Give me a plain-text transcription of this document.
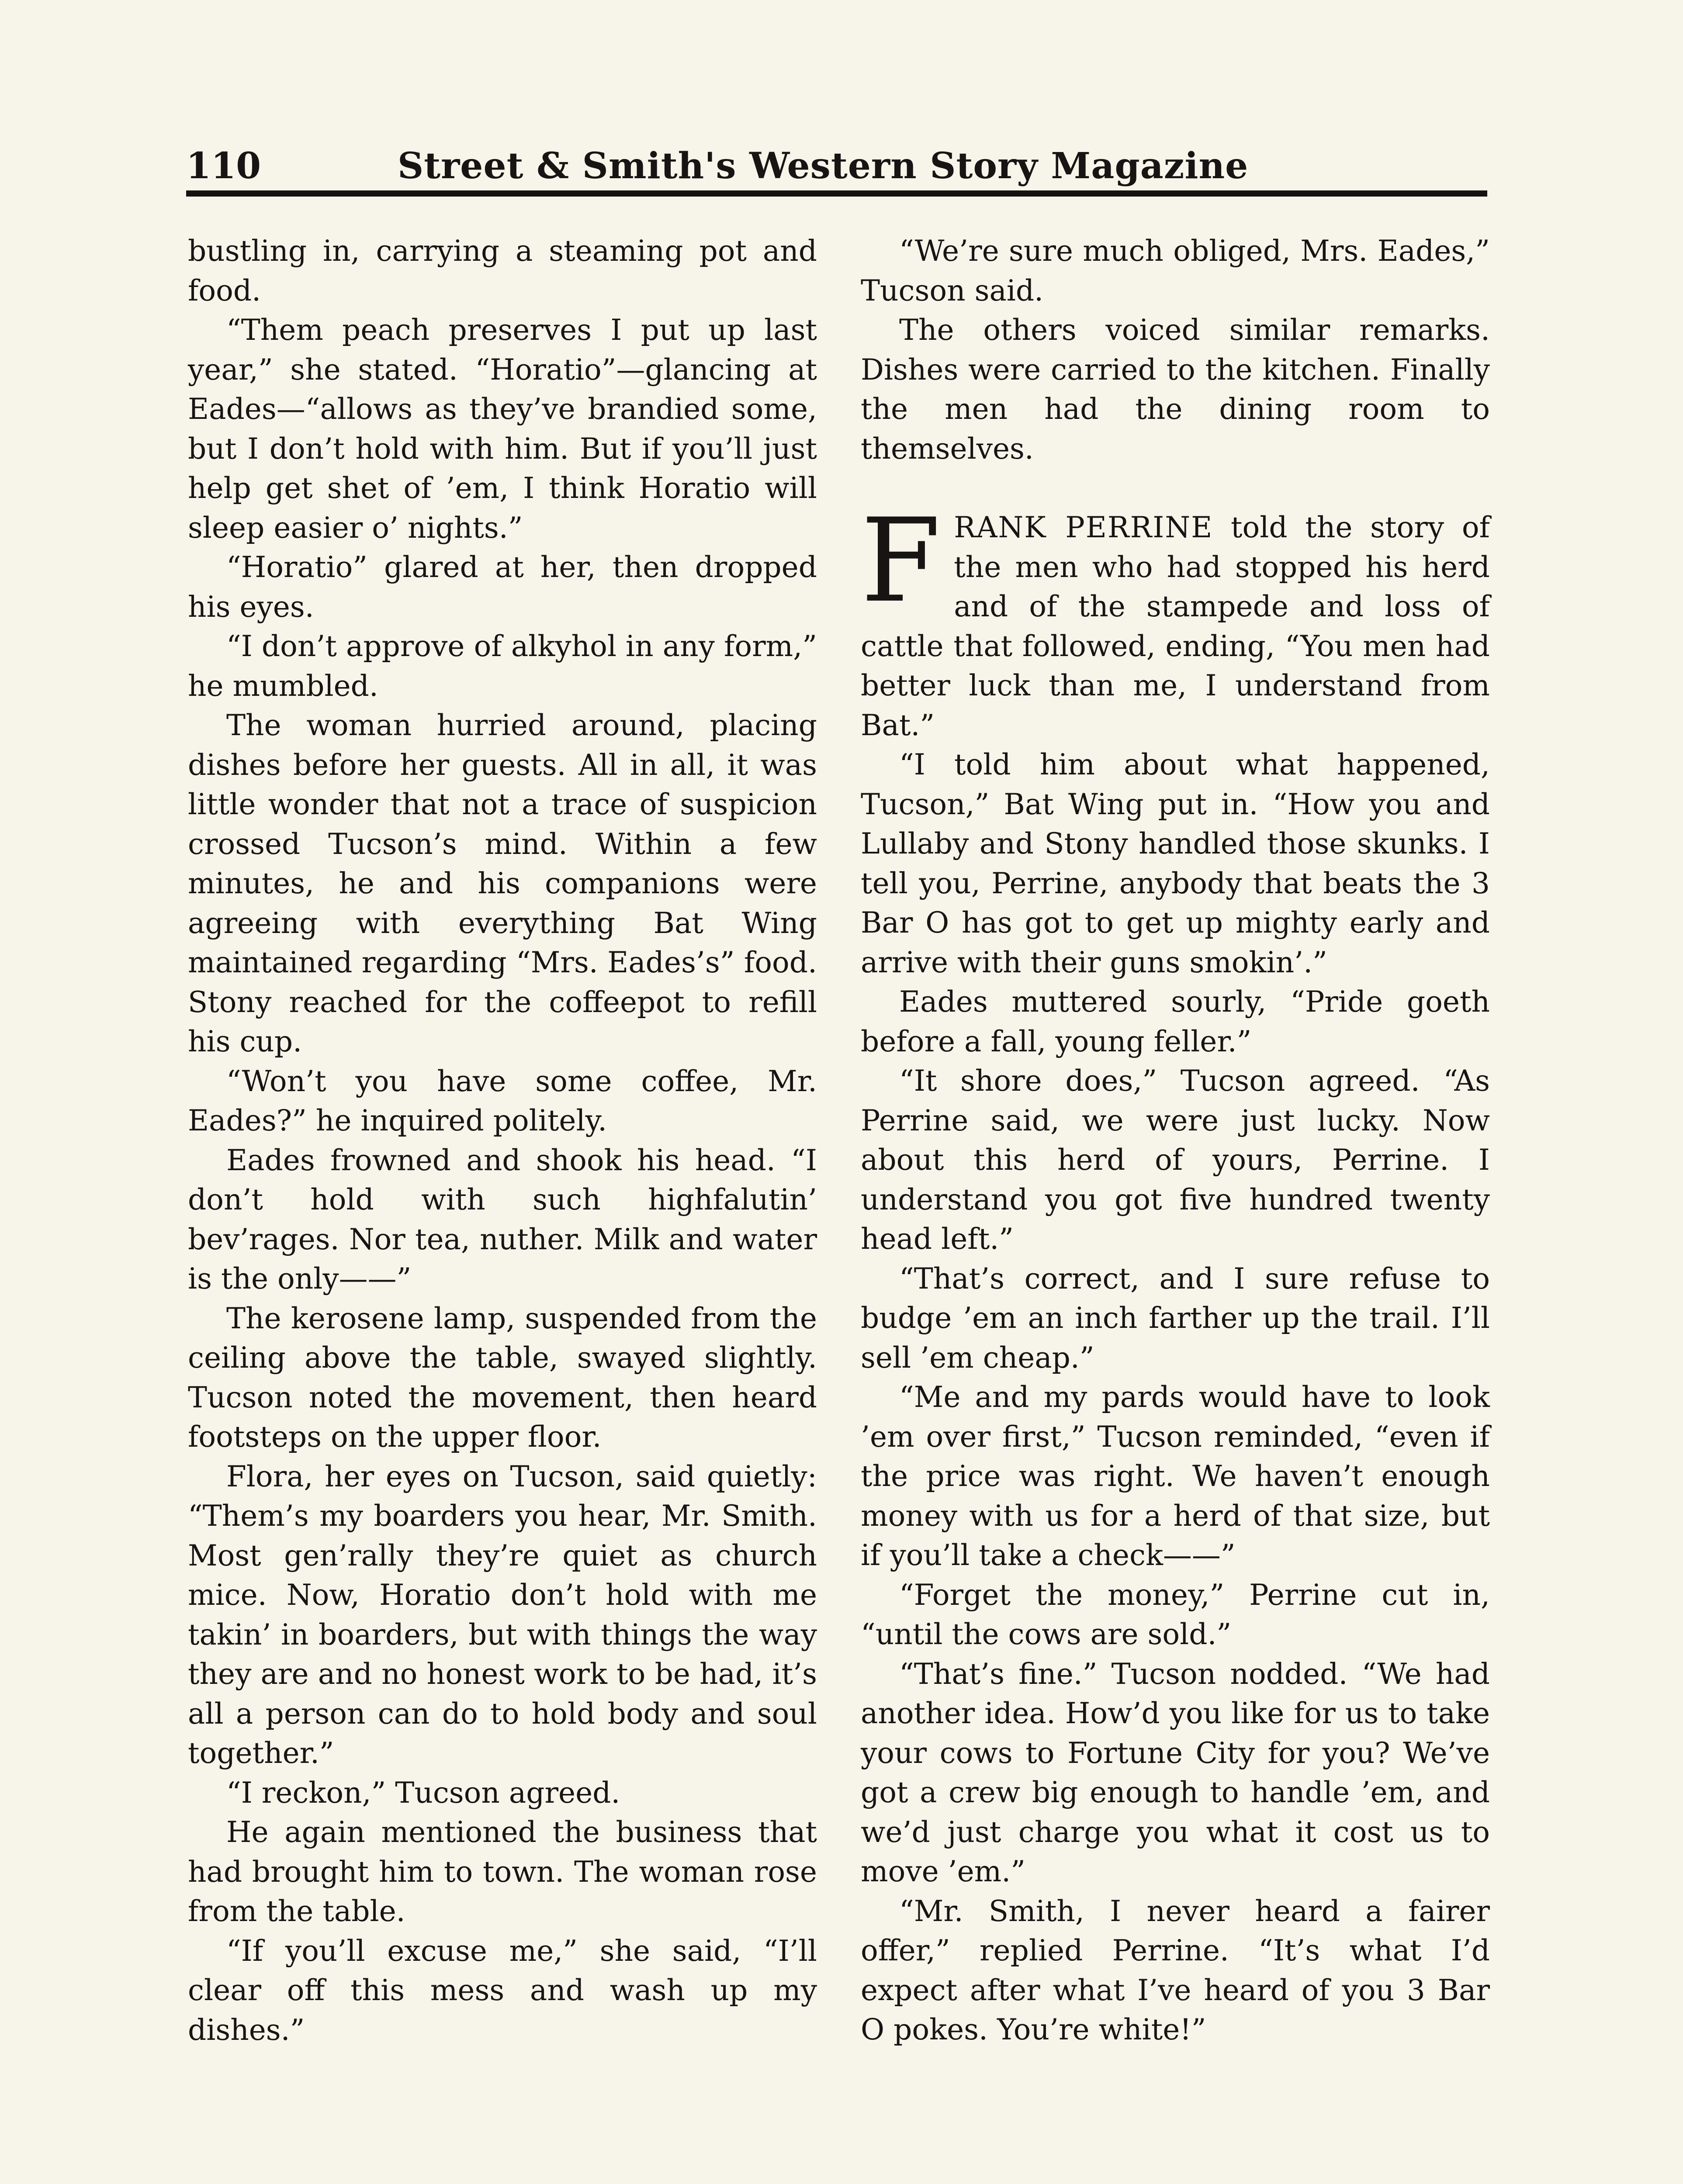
110	Street & Smith's Western Story Magazine

bustling in, carrying a steaming pot and food.

“Them peach preserves I put up last year,” she stated. “Horatio”—glancing at Eades—“allows as they’ve brandied some, but I don’t hold with him. But if you’ll just help get shet of ’em, I think Horatio will sleep easier o’ nights.”

“Horatio” glared at her, then dropped his eyes.

“I don’t approve of alkyhol in any form,” he mumbled.

The woman hurried around, placing dishes before her guests. All in all, it was little wonder that not a trace of suspicion crossed Tucson’s mind. Within a few minutes, he and his companions were agreeing with everything Bat Wing maintained regarding “Mrs. Eades’s” food. Stony reached for the coffeepot to refill his cup.

“Won’t you have some coffee, Mr. Eades?” he inquired politely.

Eades frowned and shook his head. “I don’t hold with such highfalutin’ bev’rages. Nor tea, nuther. Milk and water is the only——”

The kerosene lamp, suspended from the ceiling above the table, swayed slightly. Tucson noted the movement, then heard footsteps on the upper floor.

Flora, her eyes on Tucson, said quietly: “Them’s my boarders you hear, Mr. Smith. Most gen’rally they’re quiet as church mice. Now, Horatio don’t hold with me takin’ in boarders, but with things the way they are and no honest work to be had, it’s all a person can do to hold body and soul together.”

“I reckon,” Tucson agreed.

He again mentioned the business that had brought him to town. The woman rose from the table.

“If you’ll excuse me,” she said, “I’ll clear off this mess and wash up my dishes.”

“We’re sure much obliged, Mrs. Eades,” Tucson said.

The others voiced similar remarks. Dishes were carried to the kitchen. Finally the men had the dining room to themselves.

FRANK PERRINE told the story of the men who had stopped his herd and of the stampede and loss of cattle that followed, ending, “You men had better luck than me, I understand from Bat.”

“I told him about what happened, Tucson,” Bat Wing put in. “How you and Lullaby and Stony handled those skunks. I tell you, Perrine, anybody that beats the 3 Bar O has got to get up mighty early and arrive with their guns smokin’.”

Eades muttered sourly, “Pride goeth before a fall, young feller.”

“It shore does,” Tucson agreed. “As Perrine said, we were just lucky. Now about this herd of yours, Perrine. I understand you got five hundred twenty head left.”

“That’s correct, and I sure refuse to budge ’em an inch farther up the trail. I’ll sell ’em cheap.”

“Me and my pards would have to look ’em over first,” Tucson reminded, “even if the price was right. We haven’t enough money with us for a herd of that size, but if you’ll take a check——”

“Forget the money,” Perrine cut in, “until the cows are sold.”

“That’s fine.” Tucson nodded. “We had another idea. How’d you like for us to take your cows to Fortune City for you? We’ve got a crew big enough to handle ’em, and we’d just charge you what it cost us to move ’em.”

“Mr. Smith, I never heard a fairer offer,” replied Perrine. “It’s what I’d expect after what I’ve heard of you 3 Bar O pokes. You’re white!”
